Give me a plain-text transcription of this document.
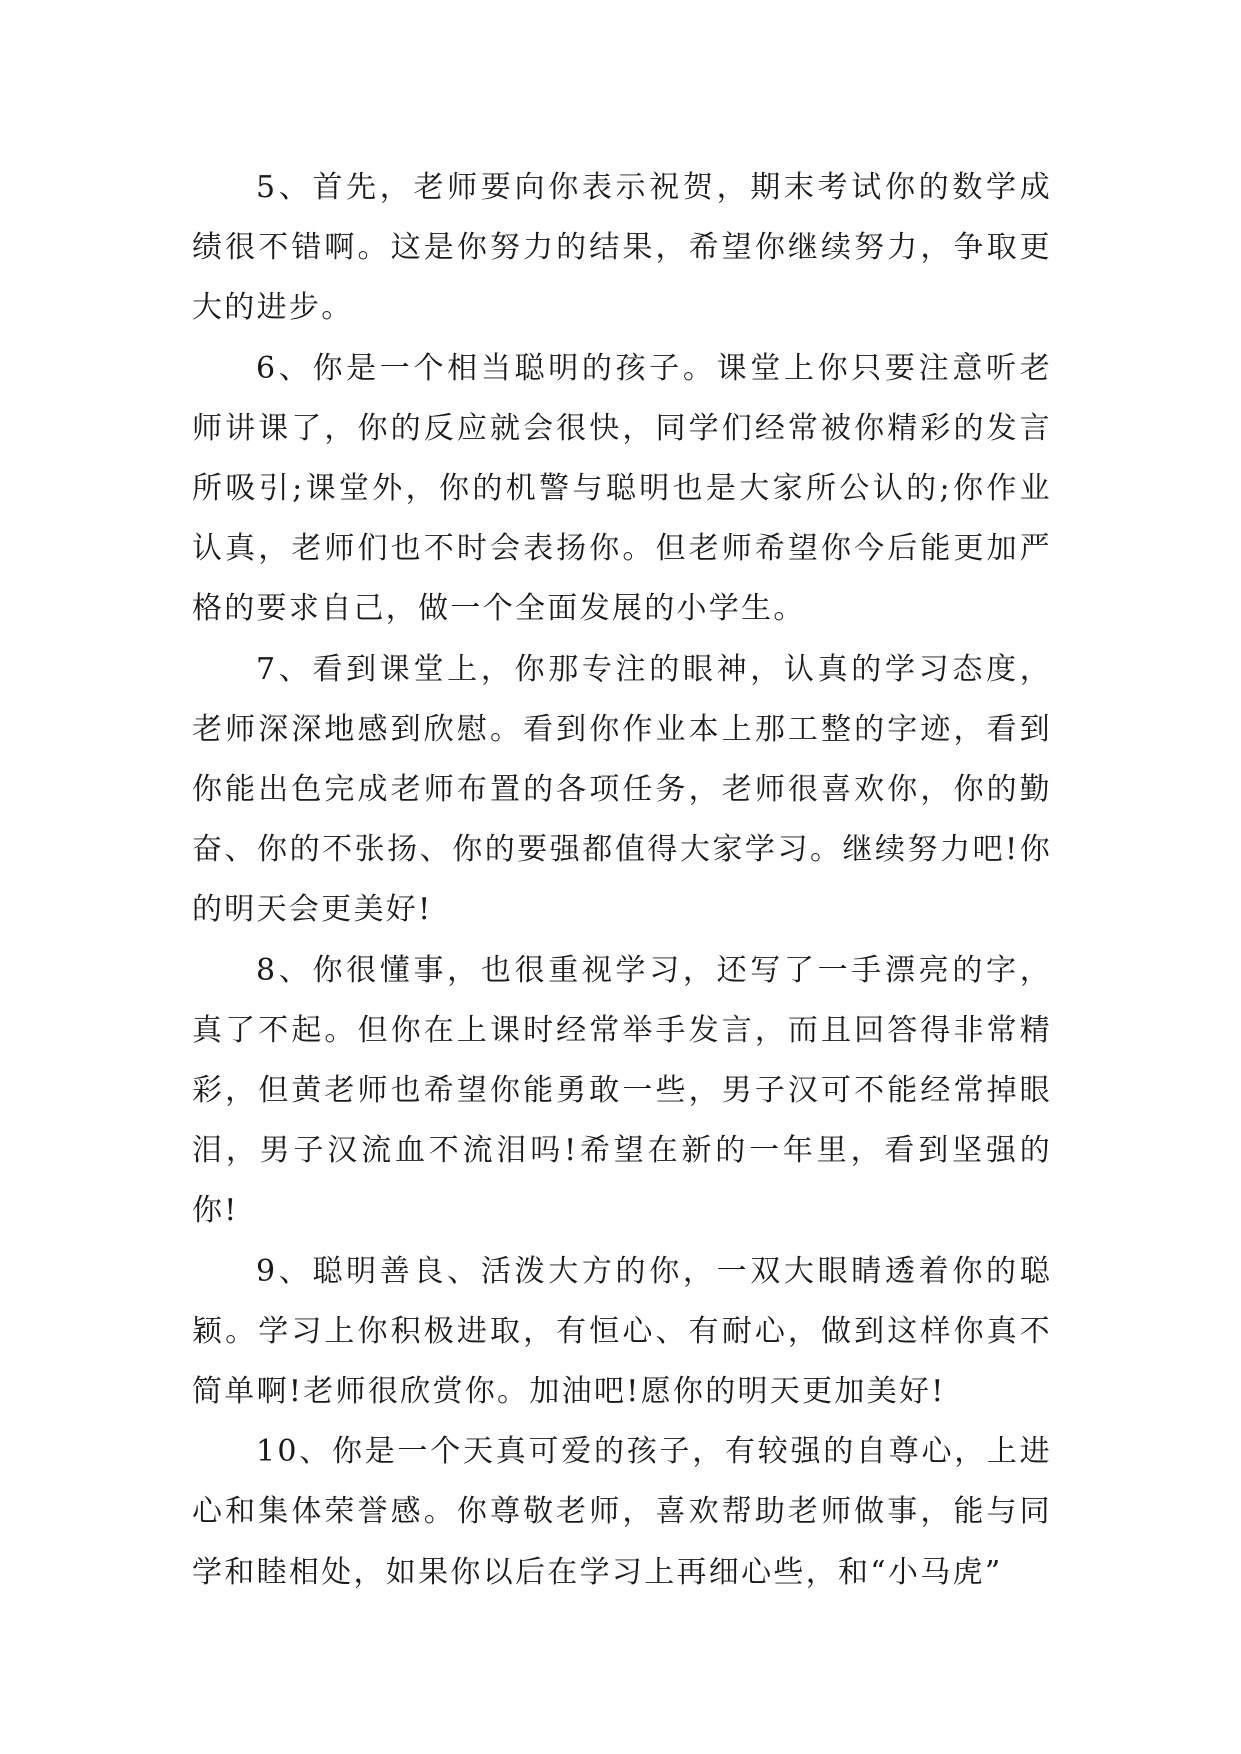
5、首先，老师要向你表示祝贺，期末考试你的数学成绩很不错啊。这是你努力的结果，希望你继续努力，争取更大的进步。

6、你是一个相当聪明的孩子。课堂上你只要注意听老师讲课了，你的反应就会很快，同学们经常被你精彩的发言所吸引;课堂外，你的机警与聪明也是大家所公认的;你作业认真，老师们也不时会表扬你。但老师希望你今后能更加严格的要求自己，做一个全面发展的小学生。

7、看到课堂上，你那专注的眼神，认真的学习态度，老师深深地感到欣慰。看到你作业本上那工整的字迹，看到你能出色完成老师布置的各项任务，老师很喜欢你，你的勤奋、你的不张扬、你的要强都值得大家学习。继续努力吧!你的明天会更美好!

8、你很懂事，也很重视学习，还写了一手漂亮的字，真了不起。但你在上课时经常举手发言，而且回答得非常精彩，但黄老师也希望你能勇敢一些，男子汉可不能经常掉眼泪，男子汉流血不流泪吗!希望在新的一年里，看到坚强的你!

9、聪明善良、活泼大方的你，一双大眼睛透着你的聪颖。学习上你积极进取，有恒心、有耐心，做到这样你真不简单啊!老师很欣赏你。加油吧!愿你的明天更加美好!

10、你是一个天真可爱的孩子，有较强的自尊心，上进心和集体荣誉感。你尊敬老师，喜欢帮助老师做事，能与同学和睦相处，如果你以后在学习上再细心些，和“小马虎”
